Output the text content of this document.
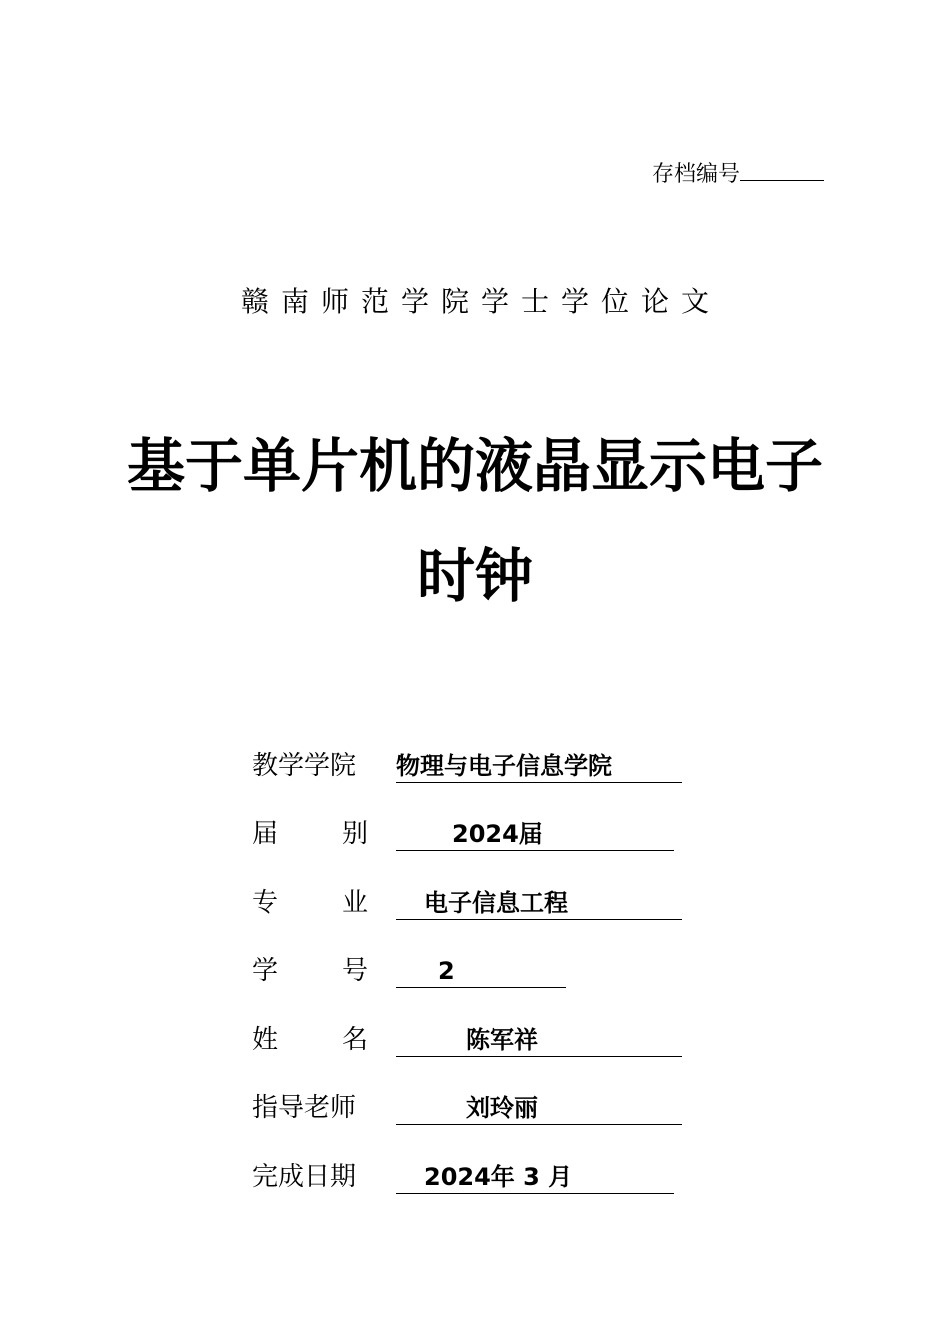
存档编号
赣南师范学院学士学位论文
基于单片机的液晶显示电子
时钟
教学学院	物理与电子信息学院
届 别	2024届
专 业	电子信息工程
学 号	2
姓 名	陈军祥
指导老师	刘玲丽
完成日期	2024年 3 月
